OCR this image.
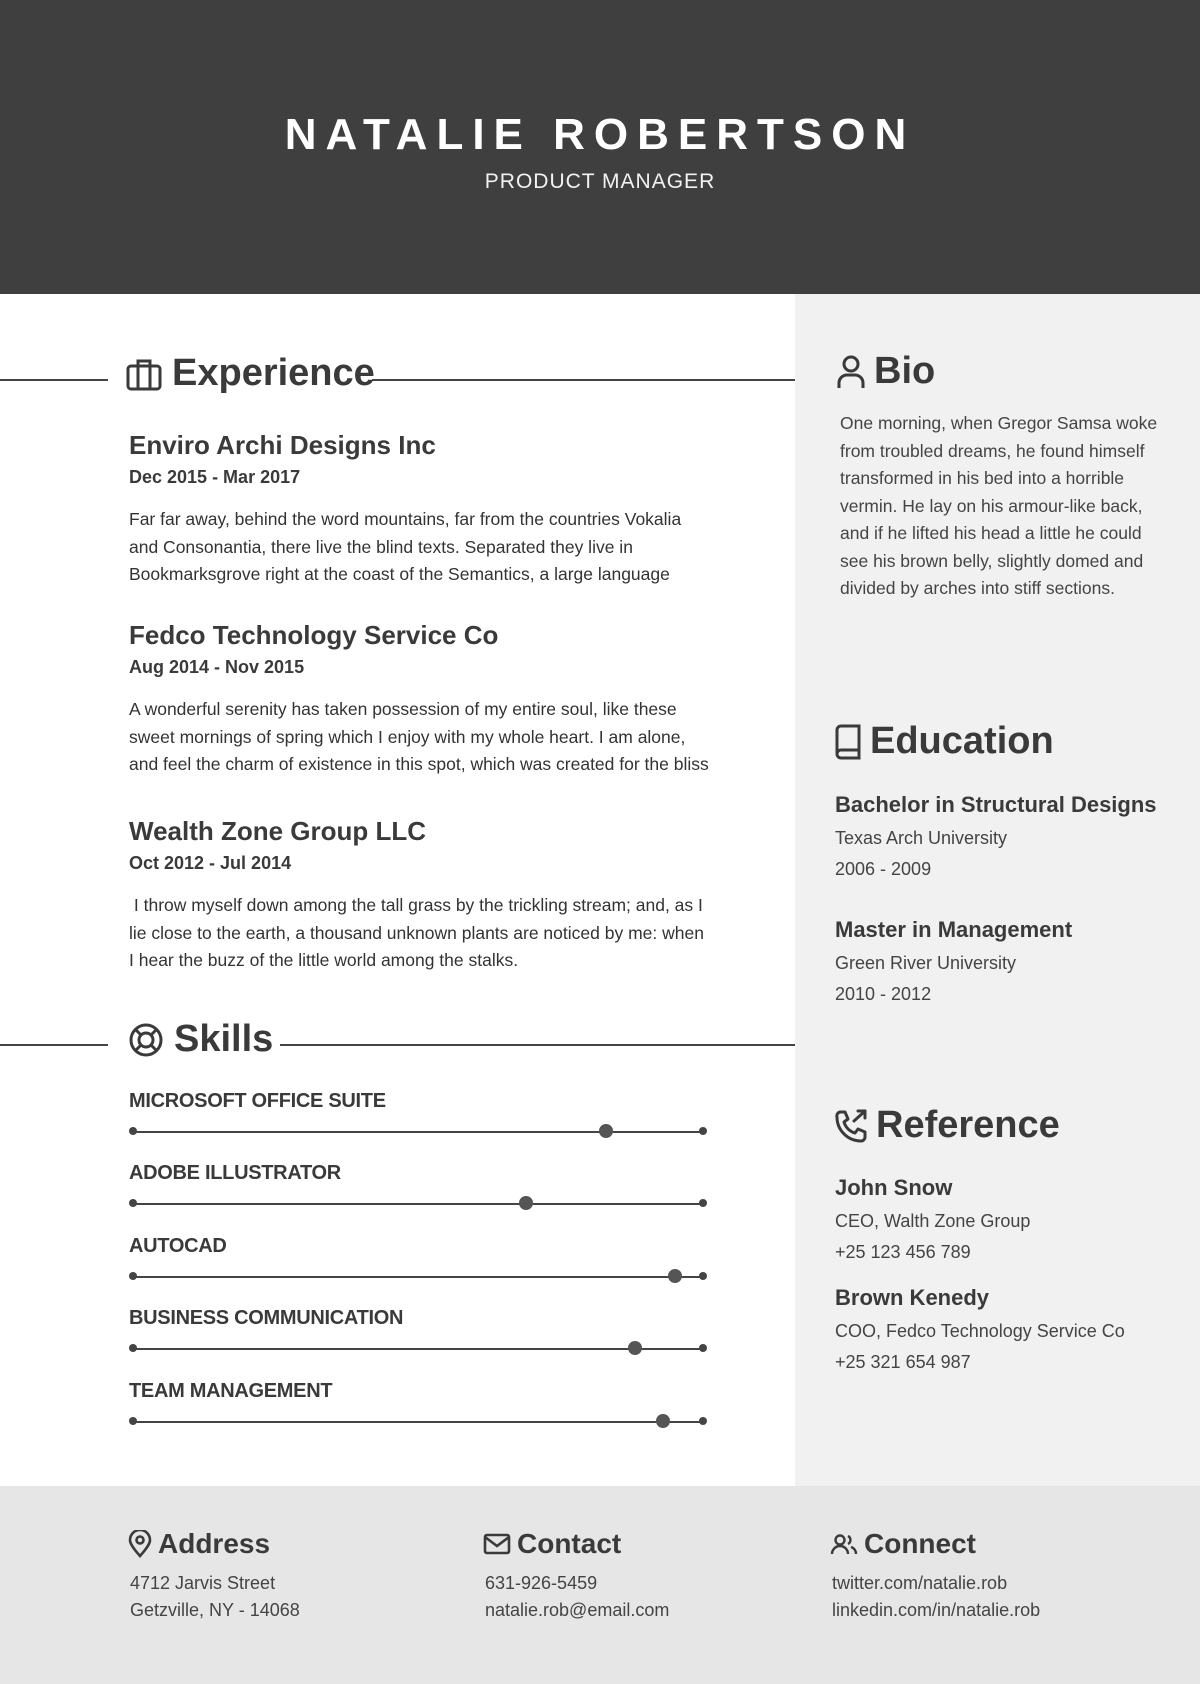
NATALIE ROBERTSON
PRODUCT MANAGER
Experience
Enviro Archi Designs Inc
Dec 2015 - Mar 2017
Far far away, behind the word mountains, far from the countries Vokalia and Consonantia, there live the blind texts. Separated they live in Bookmarksgrove right at the coast of the Semantics, a large language
Fedco Technology Service Co
Aug 2014 - Nov 2015
A wonderful serenity has taken possession of my entire soul, like these sweet mornings of spring which I enjoy with my whole heart. I am alone, and feel the charm of existence in this spot, which was created for the bliss
Wealth Zone Group LLC
Oct 2012 - Jul 2014
I throw myself down among the tall grass by the trickling stream; and, as I lie close to the earth, a thousand unknown plants are noticed by me: when I hear the buzz of the little world among the stalks.
Skills
MICROSOFT OFFICE SUITE
ADOBE ILLUSTRATOR
AUTOCAD
BUSINESS COMMUNICATION
TEAM MANAGEMENT
Bio
One morning, when Gregor Samsa woke from troubled dreams, he found himself transformed in his bed into a horrible vermin. He lay on his armour-like back, and if he lifted his head a little he could see his brown belly, slightly domed and divided by arches into stiff sections.
Education
Bachelor in Structural Designs
Texas Arch University
2006 - 2009
Master in Management
Green River University
2010 - 2012
Reference
John Snow
CEO, Walth Zone Group
+25 123 456 789
Brown Kenedy
COO, Fedco Technology Service Co
+25 321 654 987
Address
4712 Jarvis Street
Getzville, NY - 14068
Contact
631-926-5459
natalie.rob@email.com
Connect
twitter.com/natalie.rob
linkedin.com/in/natalie.rob
